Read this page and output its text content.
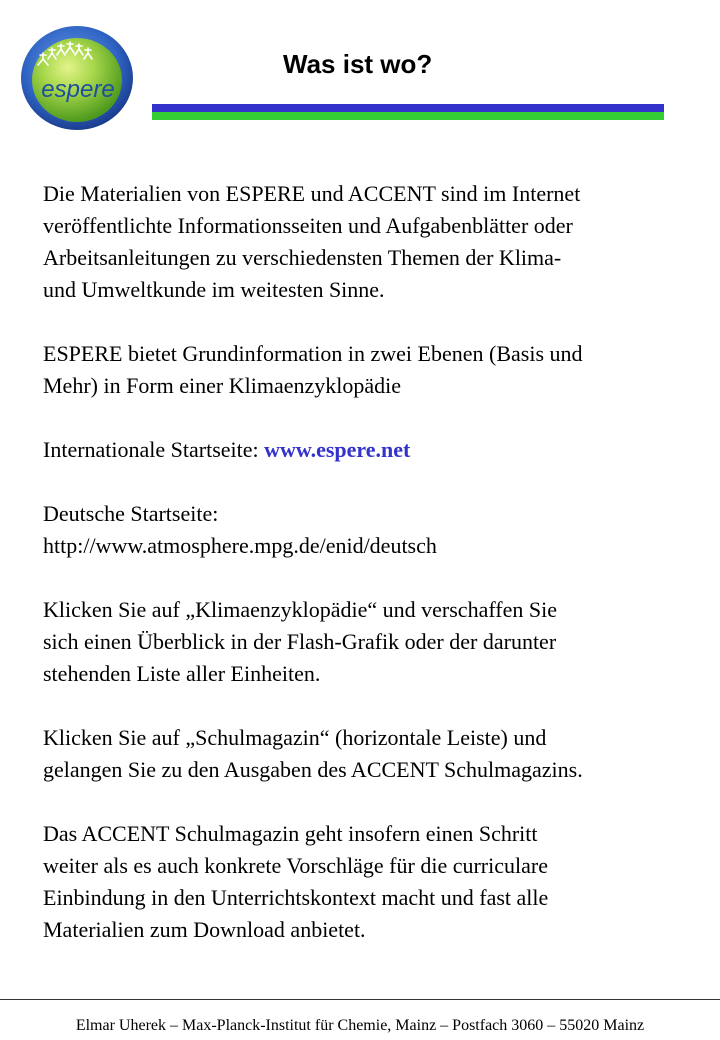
espere
Was ist wo?

Die Materialien von ESPERE und ACCENT sind im Internet
veröffentlichte Informationsseiten und Aufgabenblätter oder
Arbeitsanleitungen zu verschiedensten Themen der Klima-
und Umweltkunde im weitesten Sinne.

ESPERE bietet Grundinformation in zwei Ebenen (Basis und
Mehr) in Form einer Klimaenzyklopädie

Internationale Startseite: www.espere.net

Deutsche Startseite:
http://www.atmosphere.mpg.de/enid/deutsch

Klicken Sie auf „Klimaenzyklopädie“ und verschaffen Sie
sich einen Überblick in der Flash-Grafik oder der darunter
stehenden Liste aller Einheiten.

Klicken Sie auf „Schulmagazin“ (horizontale Leiste) und
gelangen Sie zu den Ausgaben des ACCENT Schulmagazins.

Das ACCENT Schulmagazin geht insofern einen Schritt
weiter als es auch konkrete Vorschläge für die curriculare
Einbindung in den Unterrichtskontext macht und fast alle
Materialien zum Download anbietet.

Elmar Uherek – Max-Planck-Institut für Chemie, Mainz – Postfach 3060 – 55020 Mainz
